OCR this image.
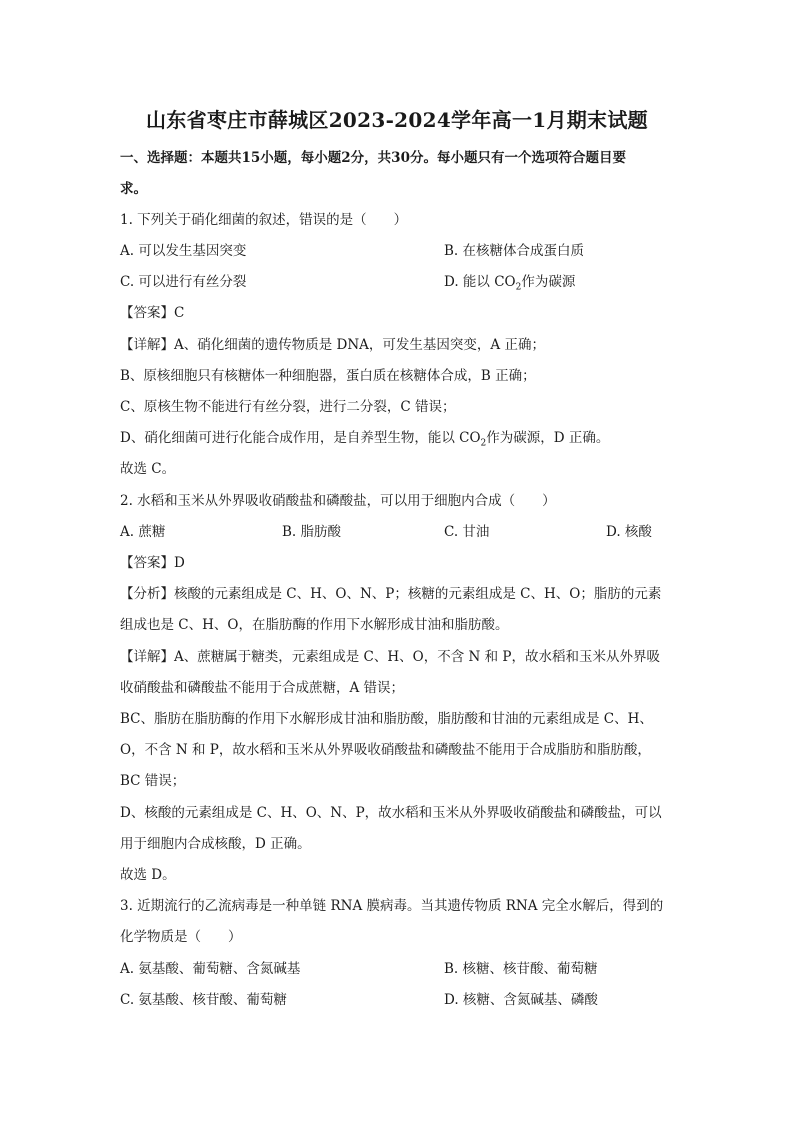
山东省枣庄市薛城区2023-2024学年高一1月期末试题
一、选择题：本题共15小题，每小题2分，共30分。每小题只有一个选项符合题目要
求。
1. 下列关于硝化细菌的叙述，错误的是（　　）
A. 可以发生基因突变	B. 在核糖体合成蛋白质
C. 可以进行有丝分裂	D. 能以 $CO_2$作为碳源
【答案】C
【详解】A、硝化细菌的遗传物质是 DNA，可发生基因突变，A 正确；
B、原核细胞只有核糖体一种细胞器，蛋白质在核糖体合成，B 正确；
C、原核生物不能进行有丝分裂，进行二分裂，C 错误；
D、硝化细菌可进行化能合成作用，是自养型生物，能以 $CO_2$作为碳源，D 正确。
故选 C。
2. 水稻和玉米从外界吸收硝酸盐和磷酸盐，可以用于细胞内合成（　　）
A. 蔗糖	B. 脂肪酸	C. 甘油	D. 核酸
【答案】D
【分析】核酸的元素组成是 C、H、O、N、P；核糖的元素组成是 C、H、O；脂肪的元素
组成也是 C、H、O，在脂肪酶的作用下水解形成甘油和脂肪酸。
【详解】A、蔗糖属于糖类，元素组成是 C、H、O，不含 N 和 P，故水稻和玉米从外界吸
收硝酸盐和磷酸盐不能用于合成蔗糖，A 错误；
BC、脂肪在脂肪酶的作用下水解形成甘油和脂肪酸，脂肪酸和甘油的元素组成是 C、H、
O，不含 N 和 P，故水稻和玉米从外界吸收硝酸盐和磷酸盐不能用于合成脂肪和脂肪酸，
BC 错误；
D、核酸的元素组成是 C、H、O、N、P，故水稻和玉米从外界吸收硝酸盐和磷酸盐，可以
用于细胞内合成核酸，D 正确。
故选 D。
3. 近期流行的乙流病毒是一种单链 RNA 膜病毒。当其遗传物质 RNA 完全水解后，得到的
化学物质是（　　）
A. 氨基酸、葡萄糖、含氮碱基	B. 核糖、核苷酸、葡萄糖
C. 氨基酸、核苷酸、葡萄糖	D. 核糖、含氮碱基、磷酸
